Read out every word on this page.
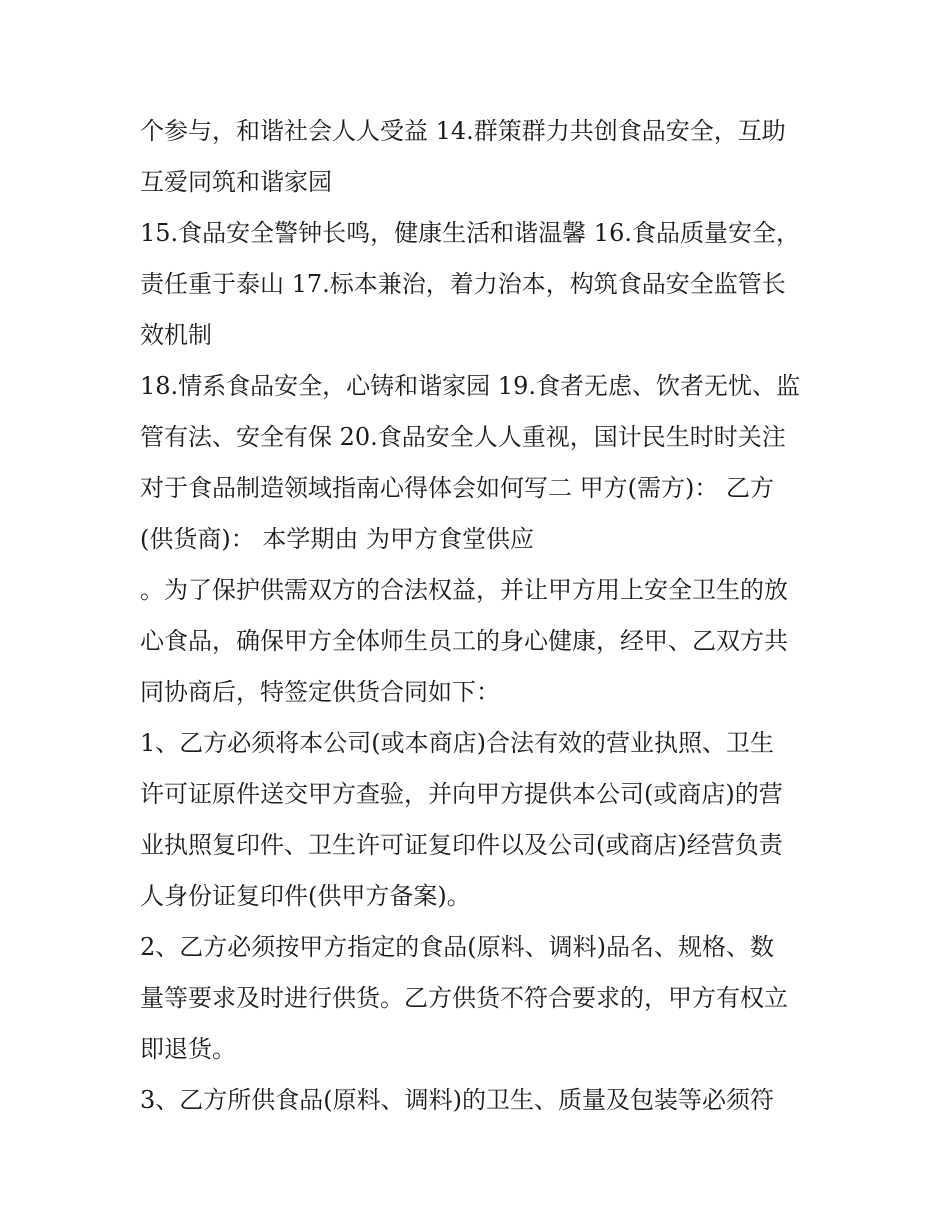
个参与，和谐社会人人受益 14.群策群力共创食品安全，互助
互爱同筑和谐家园
15.食品安全警钟长鸣，健康生活和谐温馨 16.食品质量安全，
责任重于泰山 17.标本兼治，着力治本，构筑食品安全监管长
效机制
18.情系食品安全，心铸和谐家园 19.食者无虑、饮者无忧、监
管有法、安全有保 20.食品安全人人重视，国计民生时时关注
对于食品制造领域指南心得体会如何写二 甲方(需方)： 乙方
(供货商)： 本学期由 为甲方食堂供应
。为了保护供需双方的合法权益，并让甲方用上安全卫生的放
心食品，确保甲方全体师生员工的身心健康，经甲、乙双方共
同协商后，特签定供货合同如下：
1、乙方必须将本公司(或本商店)合法有效的营业执照、卫生
许可证原件送交甲方查验，并向甲方提供本公司(或商店)的营
业执照复印件、卫生许可证复印件以及公司(或商店)经营负责
人身份证复印件(供甲方备案)。
2、乙方必须按甲方指定的食品(原料、调料)品名、规格、数
量等要求及时进行供货。乙方供货不符合要求的，甲方有权立
即退货。
3、乙方所供食品(原料、调料)的卫生、质量及包装等必须符
